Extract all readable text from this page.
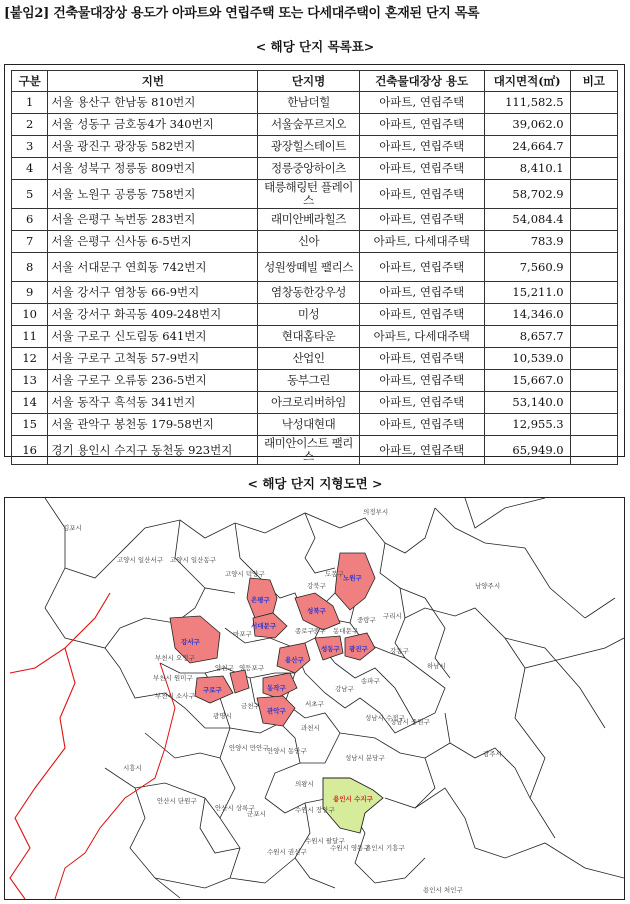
[붙임2] 건축물대장상 용도가 아파트와 연립주택 또는 다세대주택이 혼재된 단지 목록
< 해당 단지 목록표>
구분	지번	단지명	건축물대장상 용도	대지면적(㎡)	비고
1	서울 용산구 한남동 810번지	한남더힐	아파트, 연립주택	111,582.5	
2	서울 성동구 금호동4가 340번지	서울숲푸르지오	아파트, 연립주택	39,062.0	
3	서울 광진구 광장동 582번지	광장힐스테이트	아파트, 연립주택	24,664.7	
4	서울 성북구 정릉동 809번지	정릉중앙하이츠	아파트, 연립주택	8,410.1	
5	서울 노원구 공릉동 758번지	태릉해링턴 플레이스	아파트, 연립주택	58,702.9	
6	서울 은평구 녹번동 283번지	래미안베라힐즈	아파트, 연립주택	54,084.4	
7	서울 은평구 신사동 6-5번지	신아	아파트, 다세대주택	783.9	
8	서울 서대문구 연희동 742번지	성원쌍떼빌 팰리스	아파트, 연립주택	7,560.9	
9	서울 강서구 염창동 66-9번지	염창동한강우성	아파트, 연립주택	15,211.0	
10	서울 강서구 화곡동 409-248번지	미성	아파트, 연립주택	14,346.0	
11	서울 구로구 신도림동 641번지	현대홈타운	아파트, 다세대주택	8,657.7	
12	서울 구로구 고척동 57-9번지	산업인	아파트, 연립주택	10,539.0	
13	서울 구로구 오류동 236-5번지	동부그린	아파트, 연립주택	15,667.0	
14	서울 동작구 흑석동 341번지	아크로리버하임	아파트, 연립주택	53,140.0	
15	서울 관악구 봉천동 179-58번지	낙성대현대	아파트, 연립주택	12,955.3	
16	경기 용인시 수지구 동천동 923번지	래미안이스트 팰리스	아파트, 연립주택	65,949.0	
< 해당 단지 지형도면 >
김포시
고양시 일산서구 고양시 일산동구
고양시 덕양구
의정부시
남양주시
도봉구
강북구
중랑구 구리시
강동구
하남시
송파구
강남구
서초구
마포구
영등포구
양천구
부천시 오정구
부천시 원미구
부천시 소사구
광명시
시흥시
안양시 만안구
안양시 동안구
과천시
성남시 수정구
성남시 중원구
성남시 분당구	광주시
의왕시
군포시
안산시 단원구
안산시 상록구	수원시 장안구
수원시 권선구
수원시 팔달구
수원시 영통구
용인시 기흥구
용인시 처인구
금천구
중구 동대문구
종로구
노원구
성북구
은평구
서대문구
강서구
용산구
성동구 광진구
구로구	동작구
관악구
용인시 수지구
